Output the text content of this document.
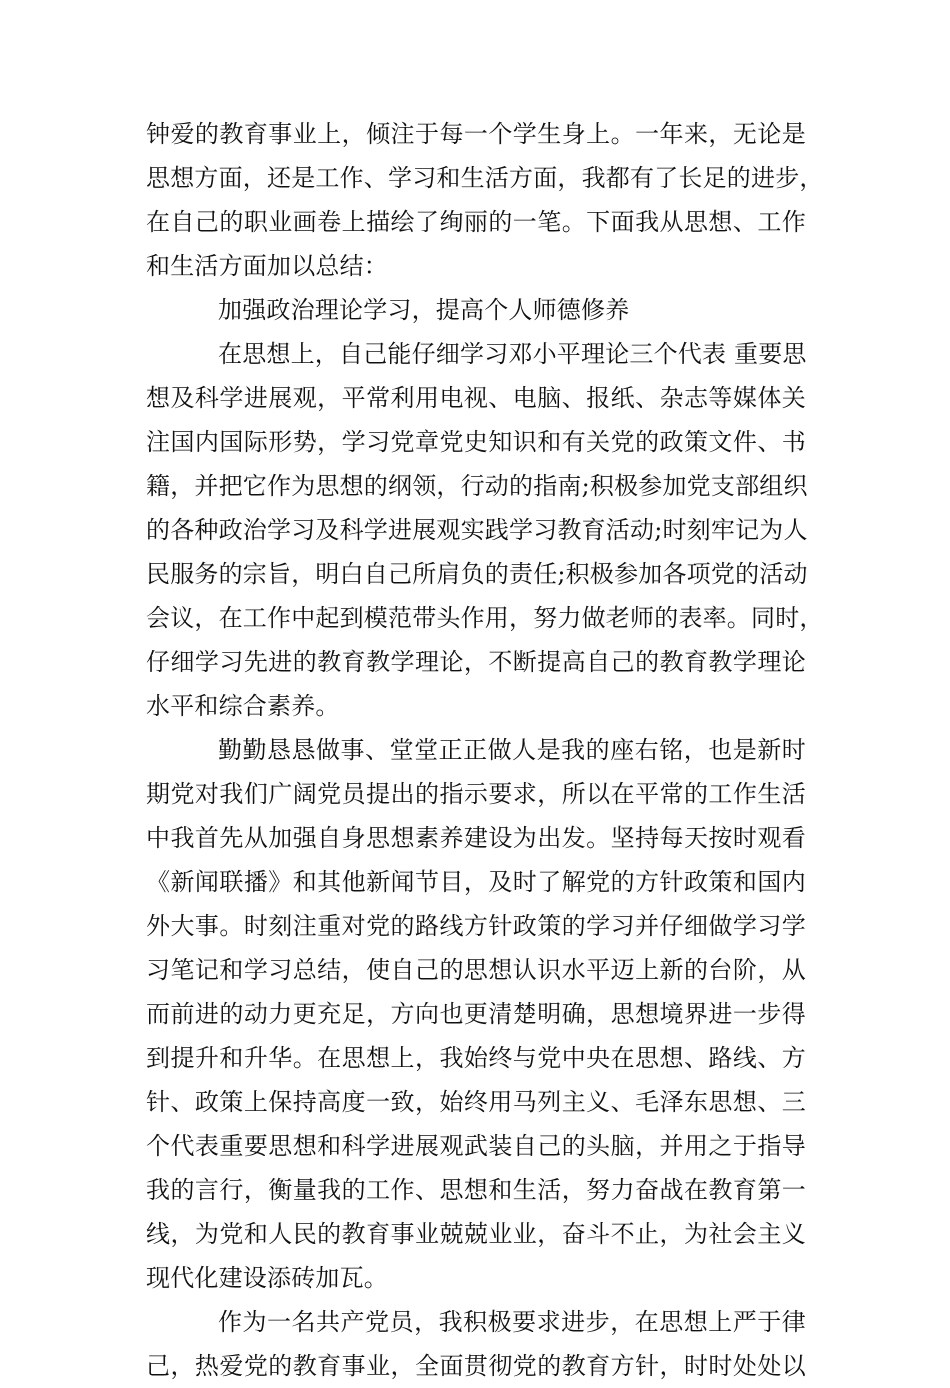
钟爱的教育事业上，倾注于每一个学生身上。一年来，无论是
思想方面，还是工作、学习和生活方面，我都有了长足的进步，
在自己的职业画卷上描绘了绚丽的一笔。下面我从思想、工作
和生活方面加以总结：
加强政治理论学习，提高个人师德修养
在思想上，自己能仔细学习邓小平理论三个代表 重要思
想及科学进展观，平常利用电视、电脑、报纸、杂志等媒体关
注国内国际形势，学习党章党史知识和有关党的政策文件、书
籍，并把它作为思想的纲领，行动的指南;积极参加党支部组织
的各种政治学习及科学进展观实践学习教育活动;时刻牢记为人
民服务的宗旨，明白自己所肩负的责任;积极参加各项党的活动
会议，在工作中起到模范带头作用，努力做老师的表率。同时，
仔细学习先进的教育教学理论，不断提高自己的教育教学理论
水平和综合素养。
勤勤恳恳做事、堂堂正正做人是我的座右铭，也是新时
期党对我们广阔党员提出的指示要求，所以在平常的工作生活
中我首先从加强自身思想素养建设为出发。坚持每天按时观看
《新闻联播》和其他新闻节目，及时了解党的方针政策和国内
外大事。时刻注重对党的路线方针政策的学习并仔细做学习学
习笔记和学习总结，使自己的思想认识水平迈上新的台阶，从
而前进的动力更充足，方向也更清楚明确，思想境界进一步得
到提升和升华。在思想上，我始终与党中央在思想、路线、方
针、政策上保持高度一致，始终用马列主义、毛泽东思想、三
个代表重要思想和科学进展观武装自己的头脑，并用之于指导
我的言行，衡量我的工作、思想和生活，努力奋战在教育第一
线，为党和人民的教育事业兢兢业业，奋斗不止，为社会主义
现代化建设添砖加瓦。
作为一名共产党员，我积极要求进步，在思想上严于律
己，热爱党的教育事业，全面贯彻党的教育方针，时时处处以
